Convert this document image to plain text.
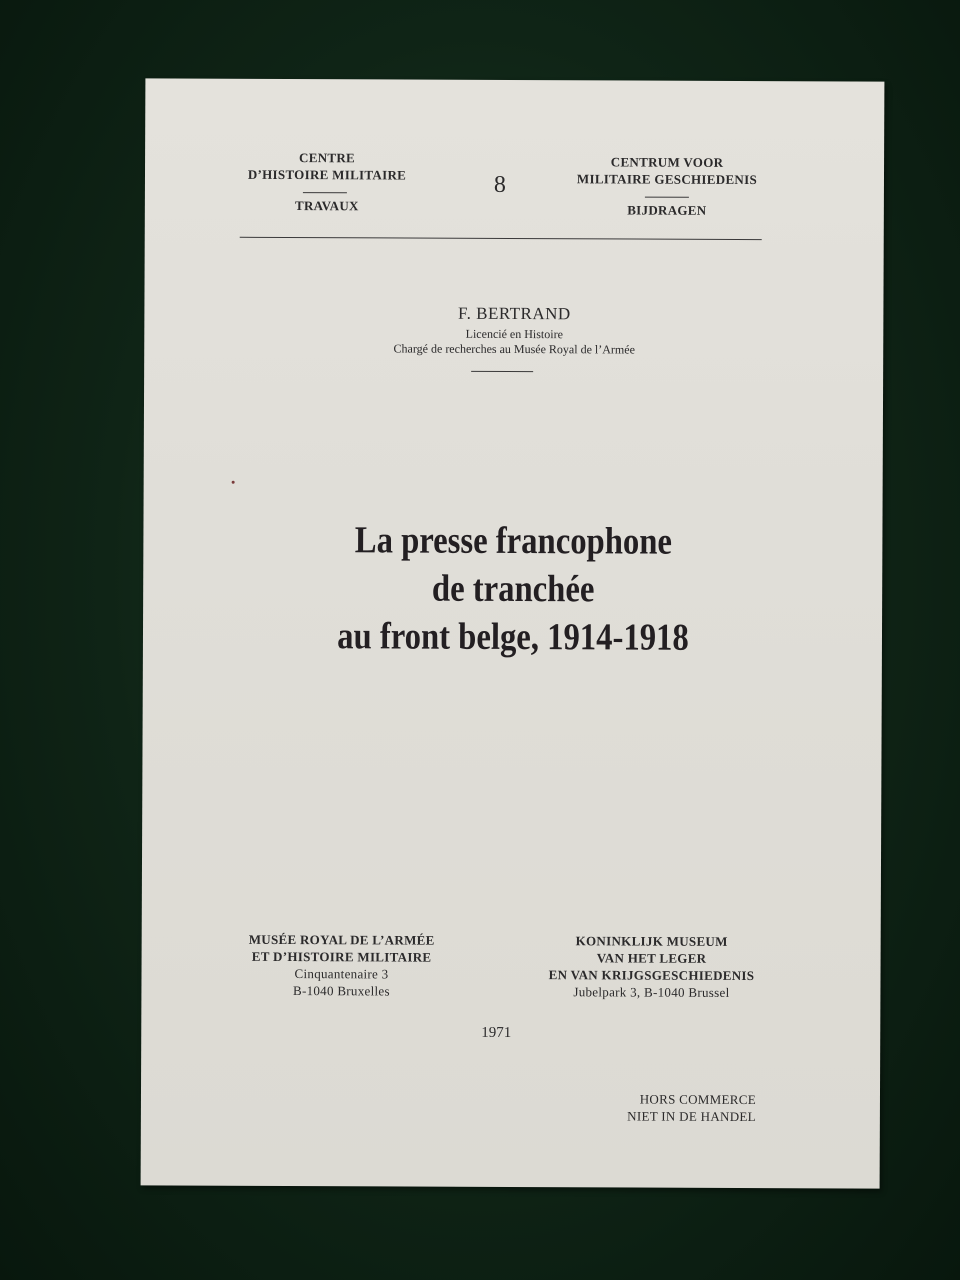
CENTRE
D’HISTOIRE MILITAIRE
TRAVAUX
8
CENTRUM VOOR
MILITAIRE GESCHIEDENIS
BIJDRAGEN
F. BERTRAND
Licencié en Histoire
Chargé de recherches au Musée Royal de l’Armée
La presse francophone
de tranchée
au front belge, 1914-1918
MUSÉE ROYAL DE L’ARMÉE
ET D’HISTOIRE MILITAIRE
Cinquantenaire 3
B-1040 Bruxelles
KONINKLIJK MUSEUM
VAN HET LEGER
EN VAN KRIJGSGESCHIEDENIS
Jubelpark 3, B-1040 Brussel
1971
HORS COMMERCE
NIET IN DE HANDEL
